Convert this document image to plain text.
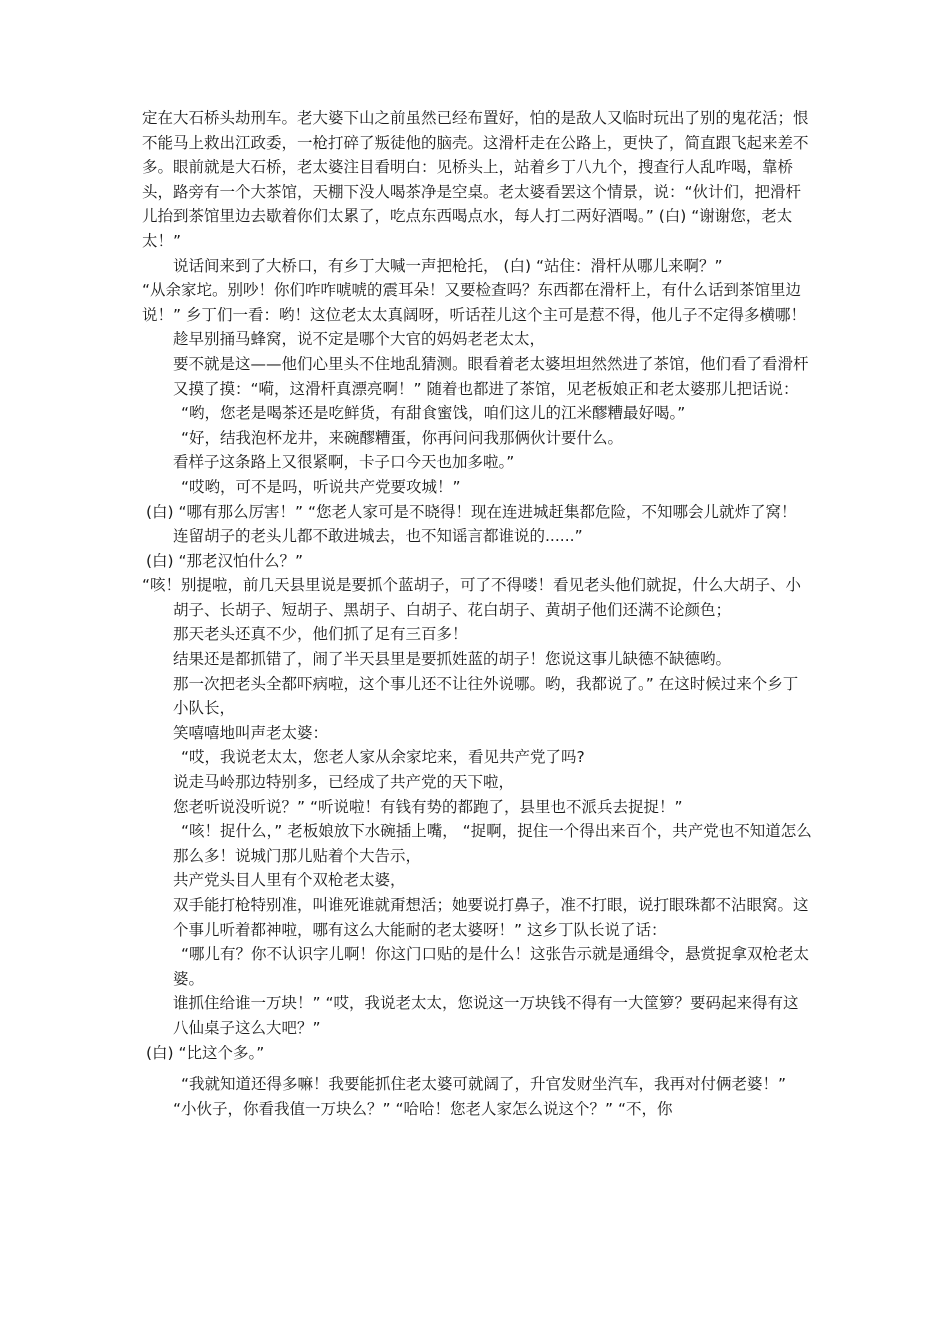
定在大石桥头劫刑车。老大婆下山之前虽然已经布置好，怕的是敌人又临时玩出了别的鬼花活；恨不能马上救出江政委，一枪打碎了叛徒他的脑壳。这滑杆走在公路上，更快了，简直跟飞起来差不多。眼前就是大石桥，老太婆注目看明白：见桥头上，站着乡丁八九个，搜查行人乱咋喝，靠桥头，路旁有一个大茶馆，天棚下没人喝茶净是空桌。老太婆看罢这个情景，说：“伙计们，把滑杆儿抬到茶馆里边去歇着你们太累了，吃点东西喝点水，每人打二两好酒喝。” (白) “谢谢您，老太太！”

说话间来到了大桥口，有乡丁大喊一声把枪托， (白) “站住：滑杆从哪儿来啊？”

“从余家坨。别吵！你们咋咋唬唬的震耳朵！又要检查吗？东西都在滑杆上，有什么话到茶馆里边说！” 乡丁们一看：哟！这位老太太真阔呀，听话茬儿这个主可是惹不得，他儿子不定得多横哪！

趁早别捅马蜂窝，说不定是哪个大官的妈妈老老太太，

要不就是这——他们心里头不住地乱猜测。眼看着老太婆坦坦然然进了茶馆，他们看了看滑杆又摸了摸：“嗬，这滑杆真漂亮啊！” 随着也都进了茶馆，见老板娘正和老太婆那儿把话说：

“哟，您老是喝茶还是吃鲜货，有甜食蜜饯，咱们这儿的江米醪糟最好喝。”

“好，结我泡杯龙井，来碗醪糟蛋，你再问问我那俩伙计要什么。

看样子这条路上又很紧啊，卡子口今天也加多啦。”

“哎哟，可不是吗，听说共产党要攻城！”

(白) “哪有那么厉害！” “您老人家可是不晓得！现在连进城赶集都危险，不知哪会儿就炸了窝！连留胡子的老头儿都不敢进城去，也不知谣言都谁说的......”

(白) “那老汉怕什么？”

“咳！别提啦，前几天县里说是要抓个蓝胡子，可了不得喽！看见老头他们就捉，什么大胡子、小胡子、长胡子、短胡子、黑胡子、白胡子、花白胡子、黄胡子他们还满不论颜色；

那天老头还真不少，他们抓了足有三百多！

结果还是都抓错了，闹了半天县里是要抓姓蓝的胡子！您说这事儿缺德不缺德哟。

那一次把老头全都吓病啦，这个事儿还不让往外说哪。哟，我都说了。” 在这时候过来个乡丁小队长，

笑嘻嘻地叫声老太婆：

“哎，我说老太太，您老人家从余家坨来，看见共产党了吗?

说走马岭那边特别多，已经成了共产党的天下啦，

您老听说没听说？” “听说啦！有钱有势的都跑了，县里也不派兵去捉捉！”

“咳！捉什么，” 老板娘放下水碗插上嘴， “捉啊，捉住一个得出来百个，共产党也不知道怎么那么多！说城门那儿贴着个大告示，

共产党头目人里有个双枪老太婆，

双手能打枪特别准，叫谁死谁就甭想活；她要说打鼻子，准不打眼，说打眼珠都不沾眼窝。这个事儿听着都神啦，哪有这么大能耐的老太婆呀！” 这乡丁队长说了话：

“哪儿有？你不认识字儿啊！你这门口贴的是什么！这张告示就是通缉令，悬赏捉拿双枪老太婆。

谁抓住给谁一万块！” “哎，我说老太太，您说这一万块钱不得有一大筐箩？要码起来得有这八仙桌子这么大吧？”

(白) “比这个多。”

“我就知道还得多嘛！我要能抓住老太婆可就阔了，升官发财坐汽车，我再对付俩老婆！” “小伙子，你看我值一万块么？” “哈哈！您老人家怎么说这个？” “不，你
